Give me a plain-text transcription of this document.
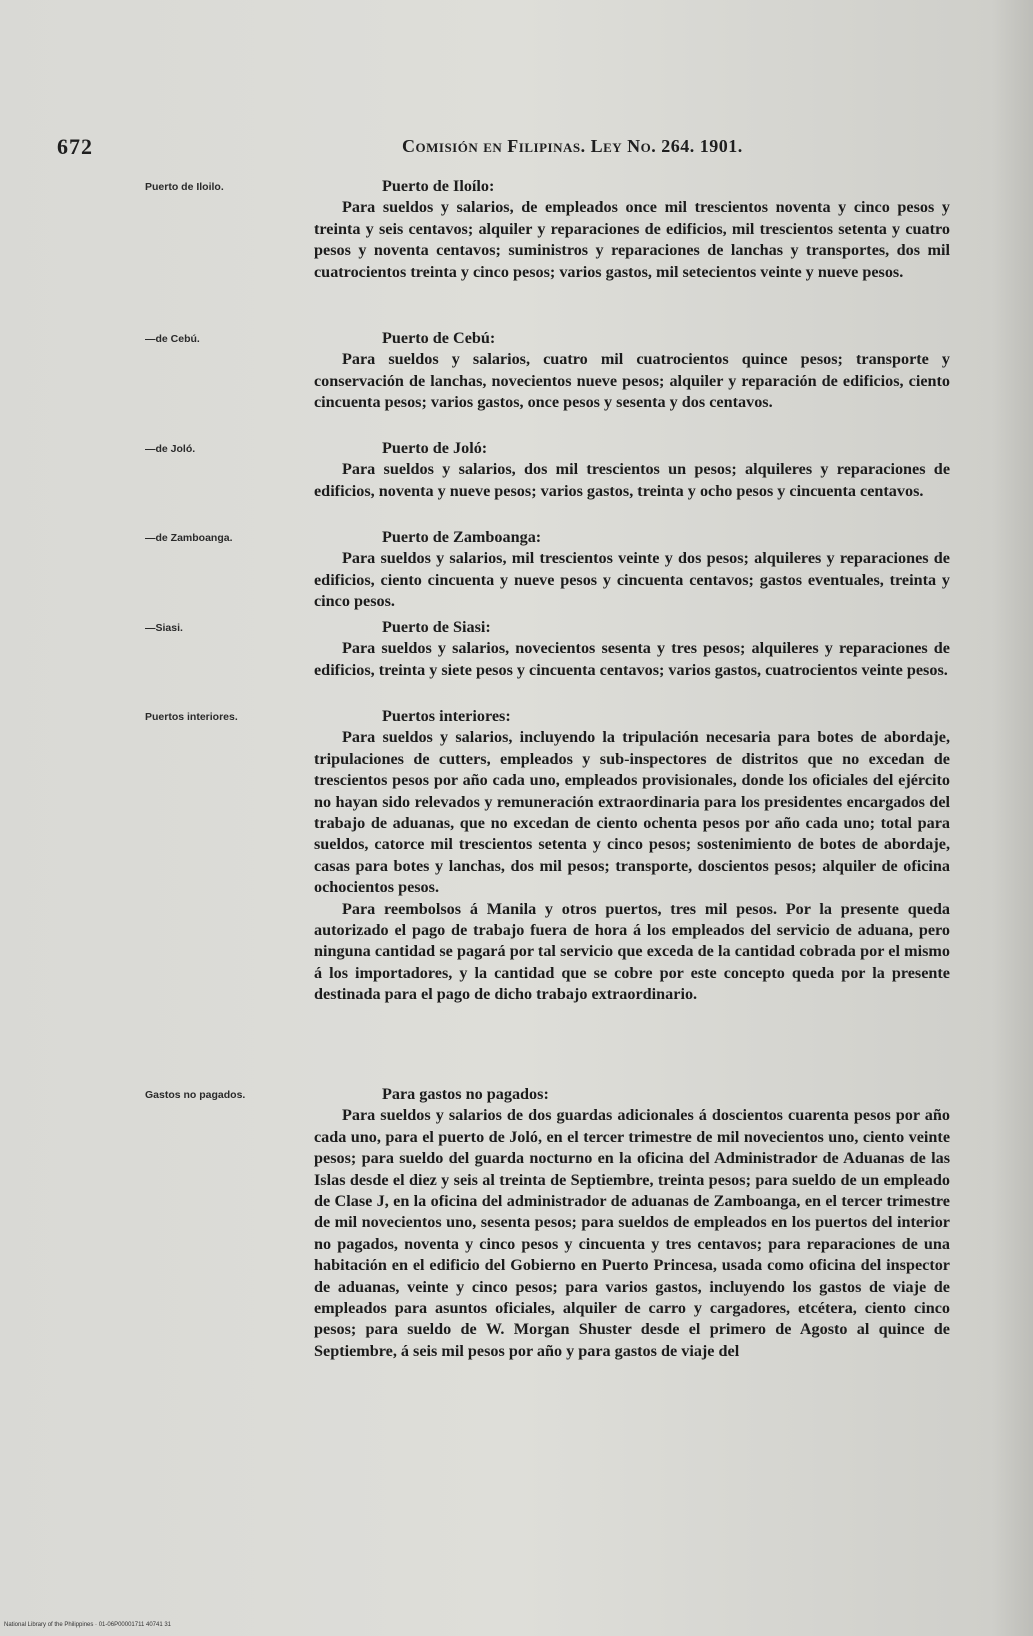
672	Comisión en Filipinas. Ley No. 264. 1901.
Puerto de Iloilo.
—de Cebú.
—de Joló.
—de Zamboanga.
—Siasi.
Puertos interiores.
Gastos no pagados.

Puerto de Iloílo:

Para sueldos y salarios, de empleados once mil trescientos noventa y cinco pesos y treinta y seis centavos; alquiler y reparaciones de edificios, mil trescientos setenta y cuatro pesos y noventa centavos; suministros y reparaciones de lanchas y transportes, dos mil cuatrocientos treinta y cinco pesos; varios gastos, mil setecientos veinte y nueve pesos.

Puerto de Cebú:

Para sueldos y salarios, cuatro mil cuatrocientos quince pesos; transporte y conservación de lanchas, novecientos nueve pesos; alquiler y reparación de edificios, ciento cincuenta pesos; varios gastos, once pesos y sesenta y dos centavos.

Puerto de Joló:

Para sueldos y salarios, dos mil trescientos un pesos; alquileres y reparaciones de edificios, noventa y nueve pesos; varios gastos, treinta y ocho pesos y cincuenta centavos.

Puerto de Zamboanga:

Para sueldos y salarios, mil trescientos veinte y dos pesos; alquileres y reparaciones de edificios, ciento cincuenta y nueve pesos y cincuenta centavos; gastos eventuales, treinta y cinco pesos.

Puerto de Siasi:

Para sueldos y salarios, novecientos sesenta y tres pesos; alquileres y reparaciones de edificios, treinta y siete pesos y cincuenta centavos; varios gastos, cuatrocientos veinte pesos.

Puertos interiores:

Para sueldos y salarios, incluyendo la tripulación necesaria para botes de abordaje, tripulaciones de cutters, empleados y sub-inspectores de distritos que no excedan de trescientos pesos por año cada uno, empleados provisionales, donde los oficiales del ejército no hayan sido relevados y remuneración extraordinaria para los presidentes encargados del trabajo de aduanas, que no excedan de ciento ochenta pesos por año cada uno; total para sueldos, catorce mil trescientos setenta y cinco pesos; sostenimiento de botes de abordaje, casas para botes y lanchas, dos mil pesos; transporte, doscientos pesos; alquiler de oficina ochocientos pesos.

Para reembolsos á Manila y otros puertos, tres mil pesos. Por la presente queda autorizado el pago de trabajo fuera de hora á los empleados del servicio de aduana, pero ninguna cantidad se pagará por tal servicio que exceda de la cantidad cobrada por el mismo á los importadores, y la cantidad que se cobre por este concepto queda por la presente destinada para el pago de dicho trabajo extraordinario.

Para gastos no pagados:

Para sueldos y salarios de dos guardas adicionales á doscientos cuarenta pesos por año cada uno, para el puerto de Joló, en el tercer trimestre de mil novecientos uno, ciento veinte pesos; para sueldo del guarda nocturno en la oficina del Administrador de Aduanas de las Islas desde el diez y seis al treinta de Septiembre, treinta pesos; para sueldo de un empleado de Clase J, en la oficina del administrador de aduanas de Zamboanga, en el tercer trimestre de mil novecientos uno, sesenta pesos; para sueldos de empleados en los puertos del interior no pagados, noventa y cinco pesos y cincuenta y tres centavos; para reparaciones de una habitación en el edificio del Gobierno en Puerto Princesa, usada como oficina del inspector de aduanas, veinte y cinco pesos; para varios gastos, incluyendo los gastos de viaje de empleados para asuntos oficiales, alquiler de carro y cargadores, etcétera, ciento cinco pesos; para sueldo de W. Morgan Shuster desde el primero de Agosto al quince de Septiembre, á seis mil pesos por año y para gastos de viaje del

National Library of the Philippines · 01-06P00001711 40741 31
